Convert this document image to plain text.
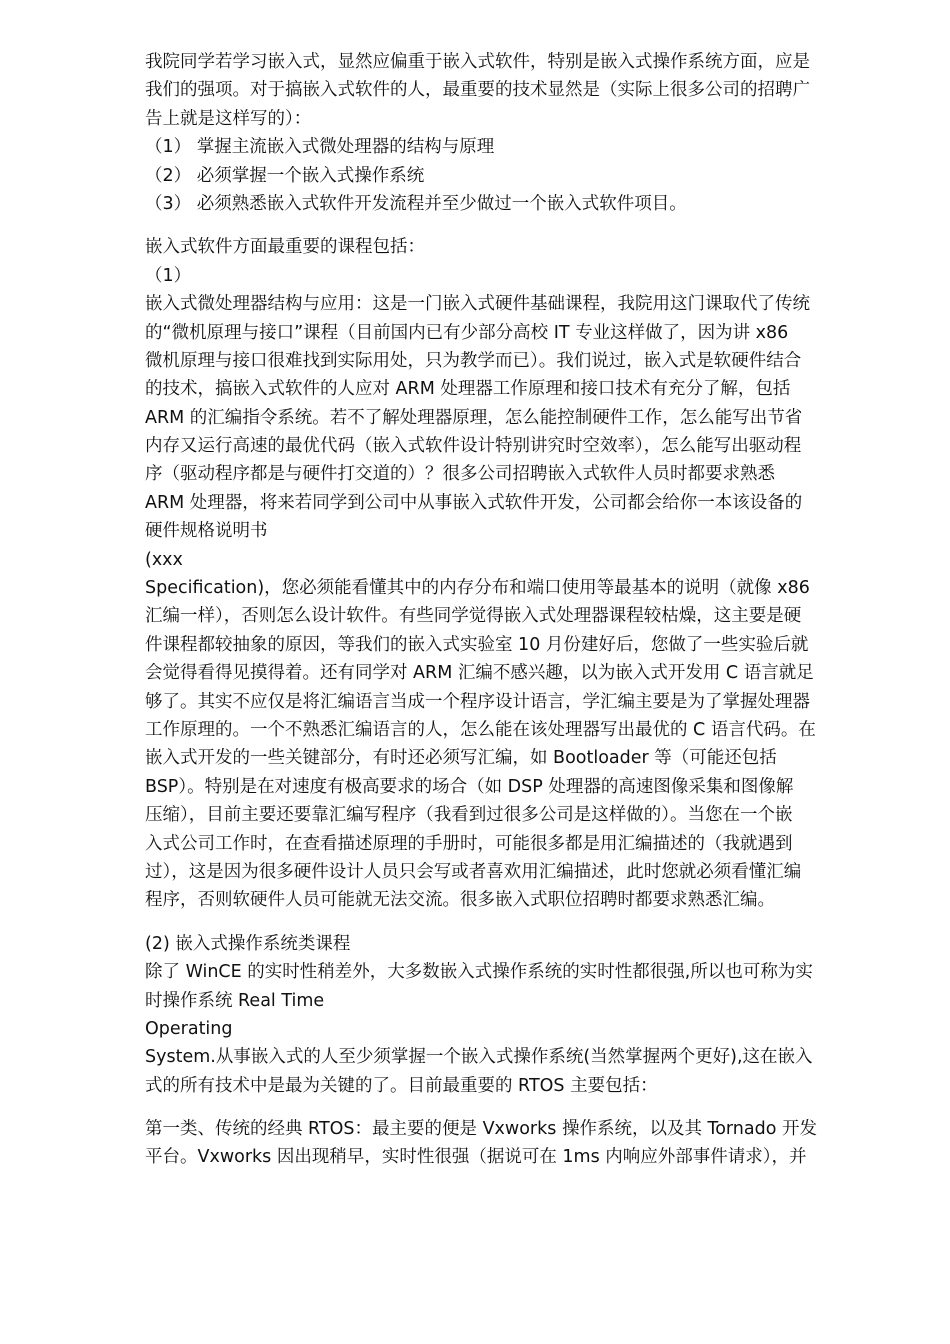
我院同学若学习嵌入式，显然应偏重于嵌入式软件，特别是嵌入式操作系统方面，应是
我们的强项。对于搞嵌入式软件的人，最重要的技术显然是（实际上很多公司的招聘广
告上就是这样写的）：
（1） 掌握主流嵌入式微处理器的结构与原理
（2） 必须掌握一个嵌入式操作系统
（3） 必须熟悉嵌入式软件开发流程并至少做过一个嵌入式软件项目。
嵌入式软件方面最重要的课程包括：
（1）
嵌入式微处理器结构与应用：这是一门嵌入式硬件基础课程，我院用这门课取代了传统
的“微机原理与接口”课程（目前国内已有少部分高校 IT 专业这样做了，因为讲 x86
微机原理与接口很难找到实际用处，只为教学而已）。我们说过，嵌入式是软硬件结合
的技术，搞嵌入式软件的人应对 ARM 处理器工作原理和接口技术有充分了解，包括
ARM 的汇编指令系统。若不了解处理器原理，怎么能控制硬件工作，怎么能写出节省
内存又运行高速的最优代码（嵌入式软件设计特别讲究时空效率），怎么能写出驱动程
序（驱动程序都是与硬件打交道的）？很多公司招聘嵌入式软件人员时都要求熟悉
ARM 处理器，将来若同学到公司中从事嵌入式软件开发，公司都会给你一本该设备的
硬件规格说明书
(xxx
Specification)，您必须能看懂其中的内存分布和端口使用等最基本的说明（就像 x86
汇编一样），否则怎么设计软件。有些同学觉得嵌入式处理器课程较枯燥，这主要是硬
件课程都较抽象的原因，等我们的嵌入式实验室 10 月份建好后，您做了一些实验后就
会觉得看得见摸得着。还有同学对 ARM 汇编不感兴趣，以为嵌入式开发用 C 语言就足
够了。其实不应仅是将汇编语言当成一个程序设计语言，学汇编主要是为了掌握处理器
工作原理的。一个不熟悉汇编语言的人，怎么能在该处理器写出最优的 C 语言代码。在
嵌入式开发的一些关键部分，有时还必须写汇编，如 Bootloader 等（可能还包括
BSP）。特别是在对速度有极高要求的场合（如 DSP 处理器的高速图像采集和图像解
压缩），目前主要还要靠汇编写程序（我看到过很多公司是这样做的）。当您在一个嵌
入式公司工作时，在查看描述原理的手册时，可能很多都是用汇编描述的（我就遇到
过），这是因为很多硬件设计人员只会写或者喜欢用汇编描述，此时您就必须看懂汇编
程序，否则软硬件人员可能就无法交流。很多嵌入式职位招聘时都要求熟悉汇编。
(2) 嵌入式操作系统类课程
除了 WinCE 的实时性稍差外，大多数嵌入式操作系统的实时性都很强,所以也可称为实
时操作系统 Real Time
Operating
System.从事嵌入式的人至少须掌握一个嵌入式操作系统(当然掌握两个更好),这在嵌入
式的所有技术中是最为关键的了。目前最重要的 RTOS 主要包括：
第一类、传统的经典 RTOS：最主要的便是 Vxworks 操作系统，以及其 Tornado 开发
平台。Vxworks 因出现稍早，实时性很强（据说可在 1ms 内响应外部事件请求），并
